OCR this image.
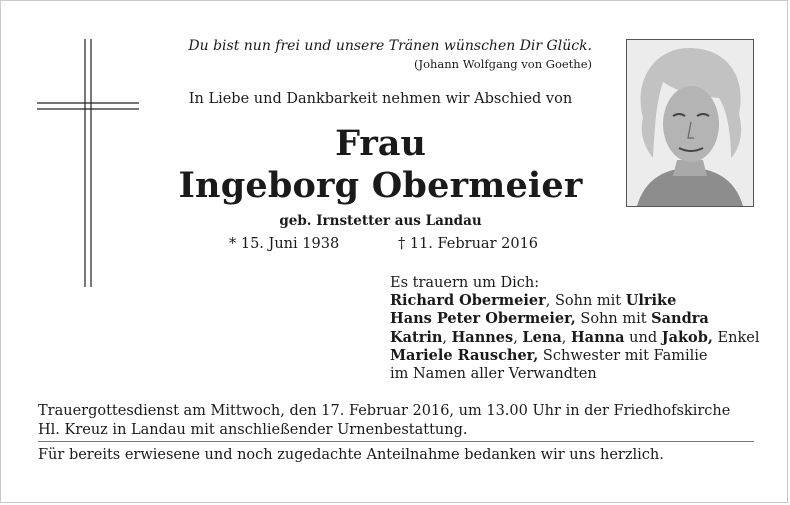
Du bist nun frei und unsere Tränen wünschen Dir Glück.
(Johann Wolfgang von Goethe)
In Liebe und Dankbarkeit nehmen wir Abschied von
Frau
Ingeborg Obermeier
geb. Irnstetter aus Landau
* 15. Juni 1938	† 11. Februar 2016
Es trauern um Dich:
Richard Obermeier, Sohn mit Ulrike
Hans Peter Obermeier, Sohn mit Sandra
Katrin, Hannes, Lena, Hanna und Jakob, Enkel
Mariele Rauscher, Schwester mit Familie
im Namen aller Verwandten
Trauergottesdienst am Mittwoch, den 17. Februar 2016, um 13.00 Uhr in der Friedhofskirche
Hl. Kreuz in Landau mit anschließender Urnenbestattung.
Für bereits erwiesene und noch zugedachte Anteilnahme bedanken wir uns herzlich.
